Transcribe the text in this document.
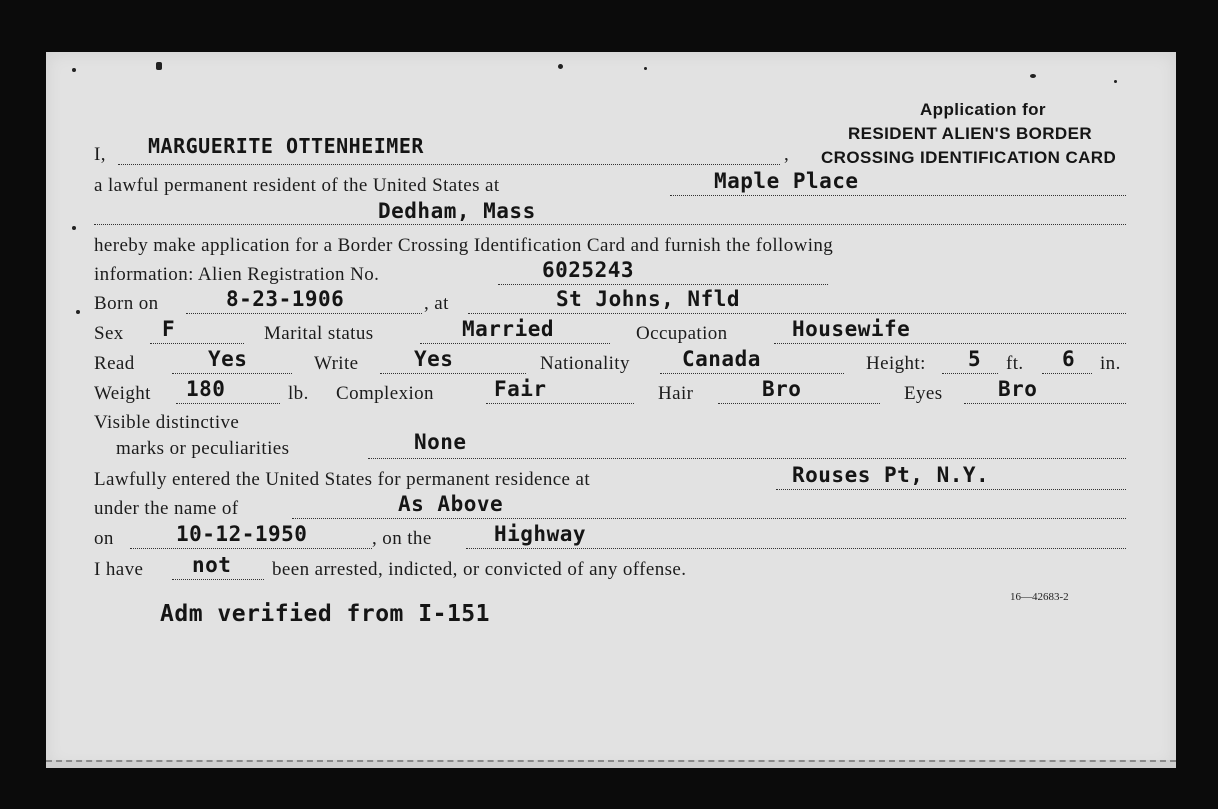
Application for
RESIDENT ALIEN'S BORDER
CROSSING IDENTIFICATION CARD
I, MARGUERITE OTTENHEIMER	,
a lawful permanent resident of the United States at	Maple Place
Dedham, Mass
hereby make application for a Border Crossing Identification Card and furnish the following
information: Alien Registration No.	6025243
Born on	8-23-1906	, at	St Johns, Nfld
Sex F	Marital status	Married	Occupation	Housewife
Read	Yes	Write	Yes	Nationality Canada	Height: 5 ft. 6 in.
Weight 180	lb. Complexion	Fair	Hair	Bro	Eyes	Bro
Visible distinctive
marks or peculiarities	None
Lawfully entered the United States for permanent residence at	Rouses Pt, N.Y.
under the name of	As Above
on	10-12-1950	, on the	Highway
I have not been arrested, indicted, or convicted of any offense.
16—42683-2
Adm verified from I-151
